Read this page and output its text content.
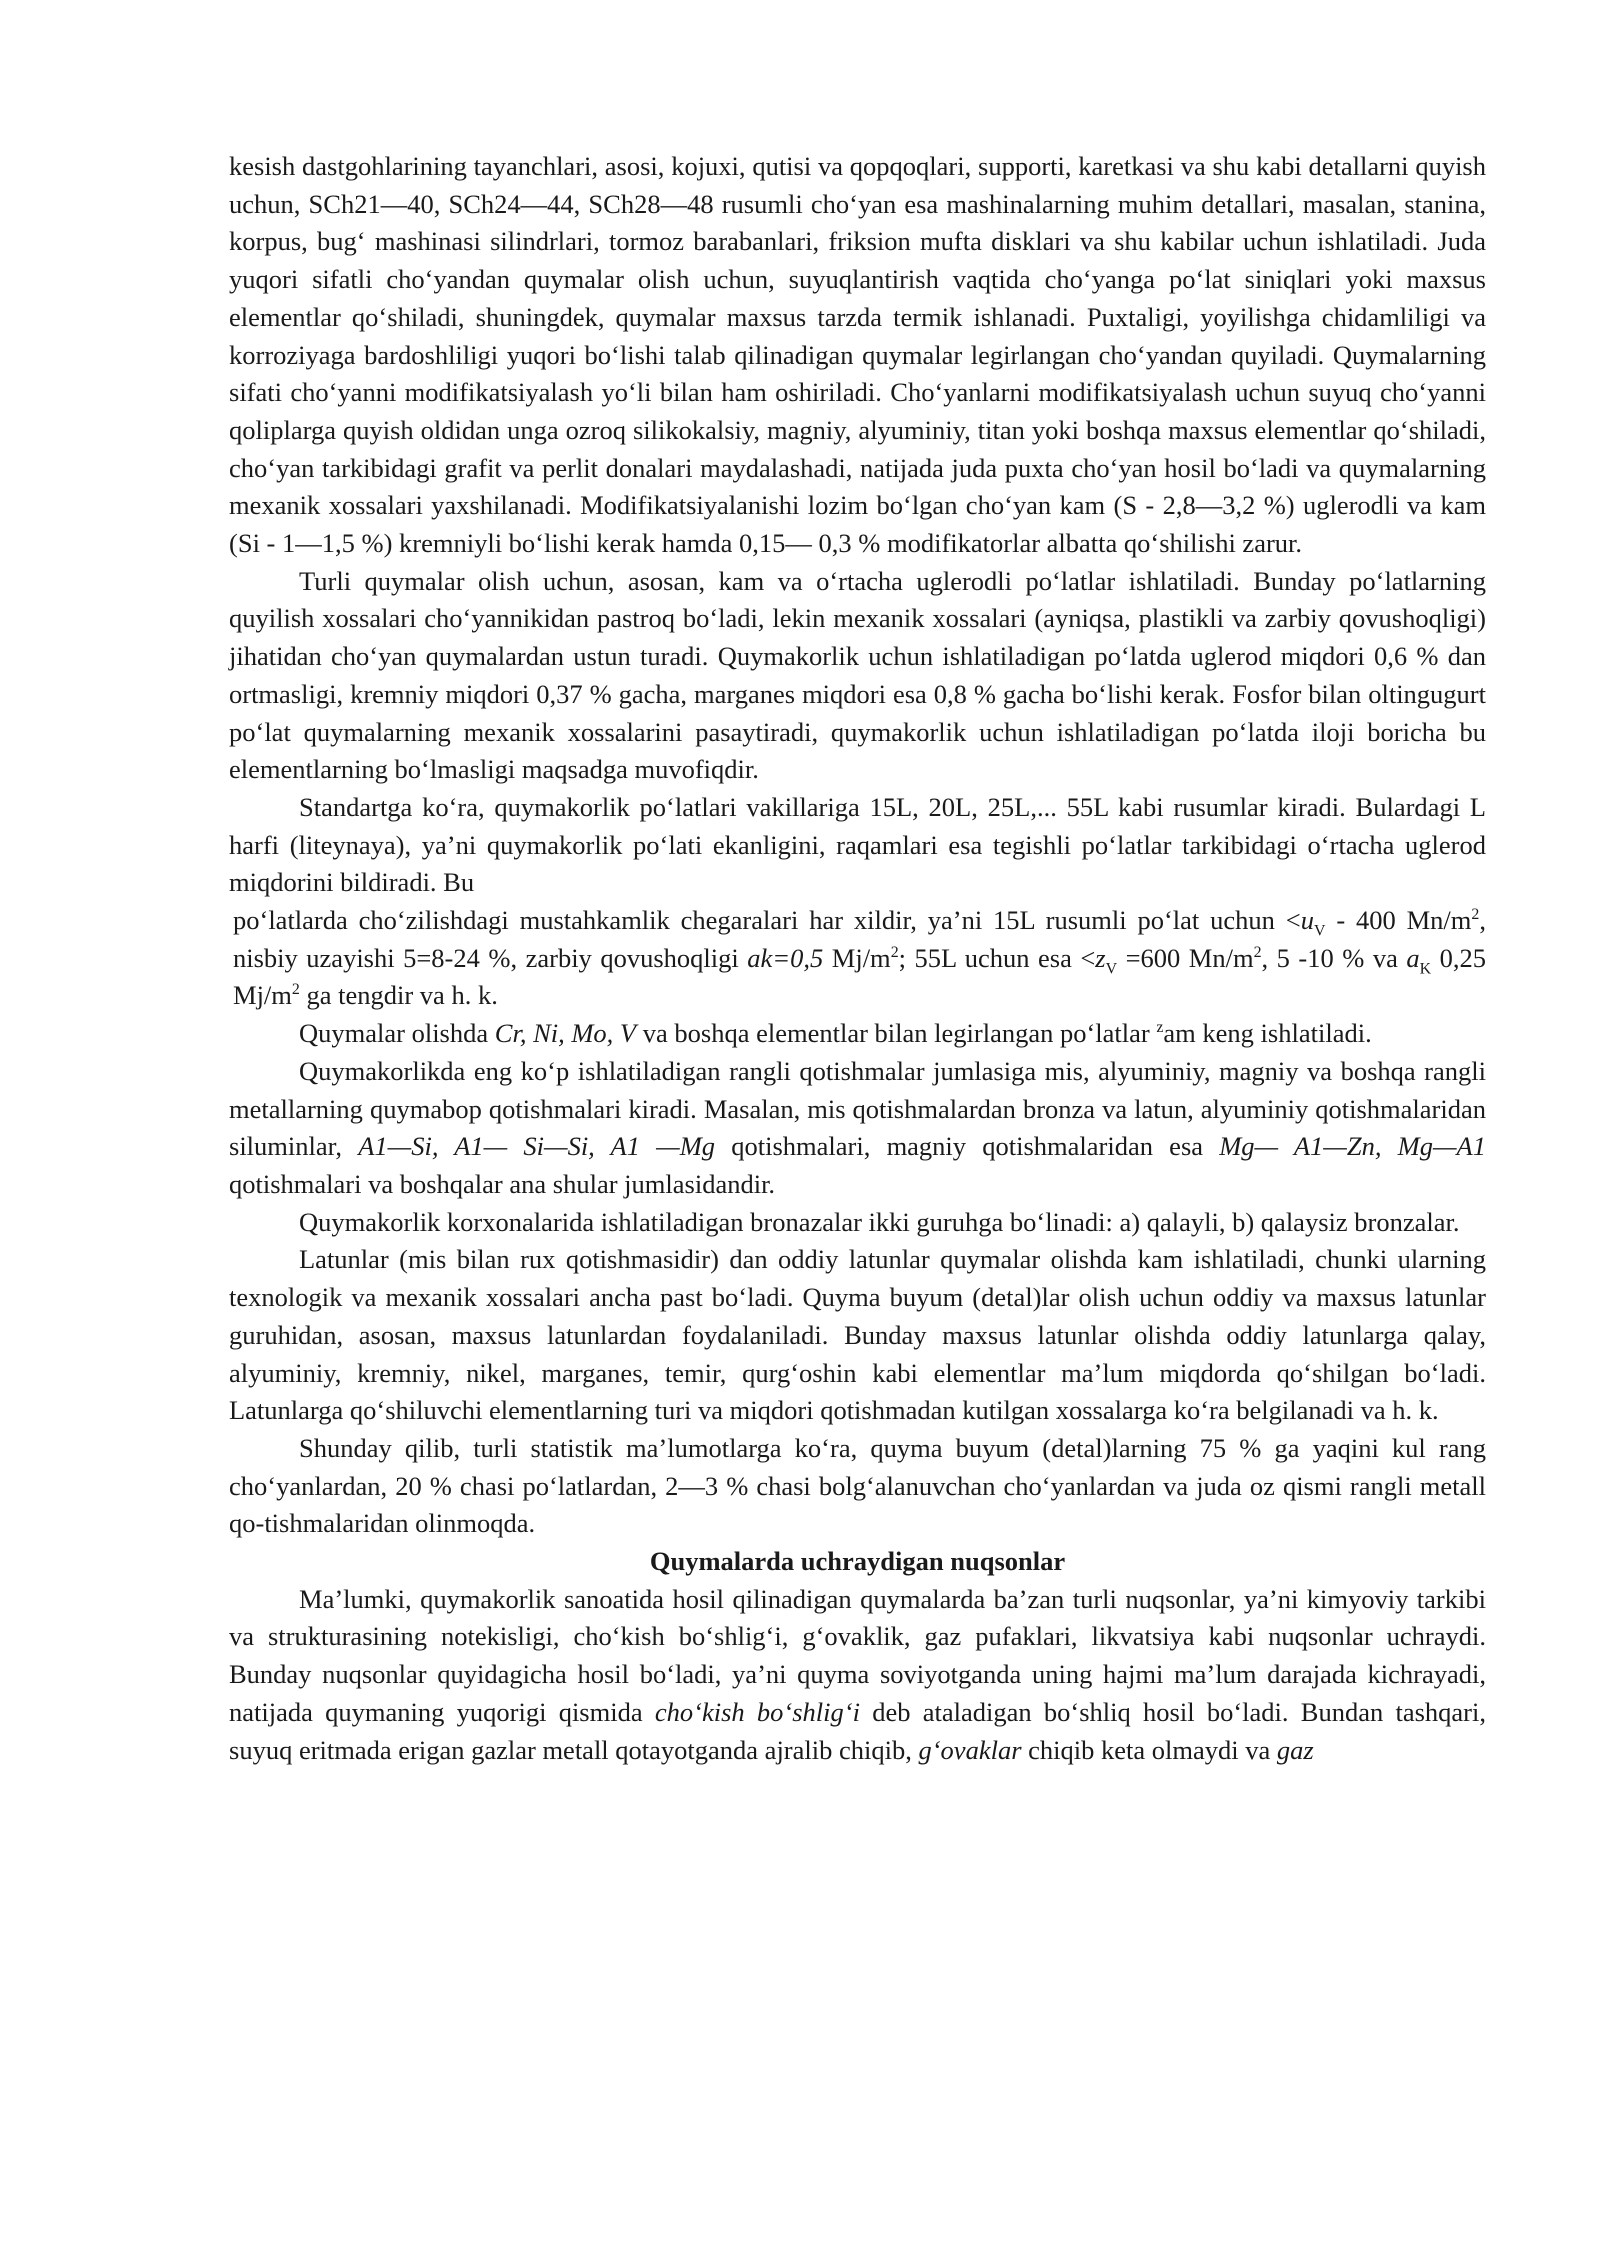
kesish dastgohlarining tayanchlari, asosi, kojuxi, qutisi va qopqoqlari, supporti, karetkasi va shu kabi detallarni quyish uchun, SCh21—40, SCh24—44, SCh28—48 rusumli cho‘yan esa mashinalarning muhim detallari, masalan, stanina, korpus, bug‘ mashinasi silindrlari, tormoz barabanlari, friksion mufta disklari va shu kabilar uchun ishlatiladi. Juda yuqori sifatli cho‘yandan quymalar olish uchun, suyuqlantirish vaqtida cho‘yanga po‘lat siniqlari yoki maxsus elementlar qo‘shiladi, shuningdek, quymalar maxsus tarzda termik ishlanadi. Puxtaligi, yoyilishga chidamliligi va korroziyaga bardoshliligi yuqori bo‘lishi talab qilinadigan quymalar legirlangan cho‘yandan quyiladi. Quymalarning sifati cho‘yanni modifikatsiyalash yo‘li bilan ham oshiriladi. Cho‘yanlarni modifikatsiyalash uchun suyuq cho‘yanni qoliplarga quyish oldidan unga ozroq silikokalsiy, magniy, alyuminiy, titan yoki boshqa maxsus elementlar qo‘shiladi, cho‘yan tarkibidagi grafit va perlit donalari maydalashadi, natijada juda puxta cho‘yan hosil bo‘ladi va quymalarning mexanik xossalari yaxshilanadi. Modifikatsiyalanishi lozim bo‘lgan cho‘yan kam (S - 2,8—3,2 %) uglerodli va kam (Si - 1—1,5 %) kremniyli bo‘lishi kerak hamda 0,15— 0,3 % modifikatorlar albatta qo‘shilishi zarur.

Turli quymalar olish uchun, asosan, kam va o‘rtacha uglerodli po‘latlar ishlatiladi. Bunday po‘latlarning quyilish xossalari cho‘yannikidan pastroq bo‘ladi, lekin mexanik xossalari (ayniqsa, plastikli va zarbiy qovushoqligi) jihatidan cho‘yan quymalardan ustun turadi. Quymakorlik uchun ishlatiladigan po‘latda uglerod miqdori 0,6 % dan ortmasligi, kremniy miqdori 0,37 % gacha, marganes miqdori esa 0,8 % gacha bo‘lishi kerak. Fosfor bilan oltingugurt po‘lat quymalarning mexanik xossalarini pasaytiradi, quymakorlik uchun ishlatiladigan po‘latda iloji boricha bu elementlarning bo‘lmasligi maqsadga muvofiqdir.

Standartga ko‘ra, quymakorlik po‘latlari vakillariga 15L, 20L, 25L,... 55L kabi rusumlar kiradi. Bulardagi L harfi (liteynaya), ya’ni quymakorlik po‘lati ekanligini, raqamlari esa tegishli po‘latlar tarkibidagi o‘rtacha uglerod miqdorini bildiradi. Bu

po‘latlarda cho‘zilishdagi mustahkamlik chegaralari har xildir, ya’ni 15L rusumli po‘lat uchun $<u_V - 400$ $Mn/m^2$, nisbiy uzayishi 5=8-24 %, zarbiy qovushoqligi ak=0,5 $Mj/m^2$; 55L uchun esa $<z_V =600$ $Mn/m^2$, 5 -10 % va $a_K$ 0,25 $Mj/m^2$ ga tengdir va h. k.

Quymalar olishda Cr, Ni, Mo, V va boshqa elementlar bilan legirlangan po‘latlar $^z$am keng ishlatiladi.

Quymakorlikda eng ko‘p ishlatiladigan rangli qotishmalar jumlasiga mis, alyuminiy, magniy va boshqa rangli metallarning quymabop qotishmalari kiradi. Masalan, mis qotishmalardan bronza va latun, alyuminiy qotishmalaridan siluminlar, A1—Si, A1— Si—Si, A1 —Mg qotishmalari, magniy qotishmalaridan esa Mg— A1—Zn, Mg—A1 qotishmalari va boshqalar ana shular jumlasidandir.

Quymakorlik korxonalarida ishlatiladigan bronazalar ikki guruhga bo‘linadi: a) qalayli, b) qalaysiz bronzalar.

Latunlar (mis bilan rux qotishmasidir) dan oddiy latunlar quymalar olishda kam ishlatiladi, chunki ularning texnologik va mexanik xossalari ancha past bo‘ladi. Quyma buyum (detal)lar olish uchun oddiy va maxsus latunlar guruhidan, asosan, maxsus latunlardan foydalaniladi. Bunday maxsus latunlar olishda oddiy latunlarga qalay, alyuminiy, kremniy, nikel, marganes, temir, qurg‘oshin kabi elementlar ma’lum miqdorda qo‘shilgan bo‘ladi. Latunlarga qo‘shiluvchi elementlarning turi va miqdori qotishmadan kutilgan xossalarga ko‘ra belgilanadi va h. k.

Shunday qilib, turli statistik ma’lumotlarga ko‘ra, quyma buyum (detal)larning 75 % ga yaqini kul rang cho‘yanlardan, 20 % chasi po‘latlardan, 2—3 % chasi bolg‘alanuvchan cho‘yanlardan va juda oz qismi rangli metall qo-tishmalaridan olinmoqda.

Quymalarda uchraydigan nuqsonlar

Ma’lumki, quymakorlik sanoatida hosil qilinadigan quymalarda ba’zan turli nuqsonlar, ya’ni kimyoviy tarkibi va strukturasining notekisligi, cho‘kish bo‘shlig‘i, g‘ovaklik, gaz pufaklari, likvatsiya kabi nuqsonlar uchraydi. Bunday nuqsonlar quyidagicha hosil bo‘ladi, ya’ni quyma soviyotganda uning hajmi ma’lum darajada kichrayadi, natijada quymaning yuqorigi qismida cho‘kish bo‘shlig‘i deb ataladigan bo‘shliq hosil bo‘ladi. Bundan tashqari, suyuq eritmada erigan gazlar metall qotayotganda ajralib chiqib, g‘ovaklar chiqib keta olmaydi va gaz
